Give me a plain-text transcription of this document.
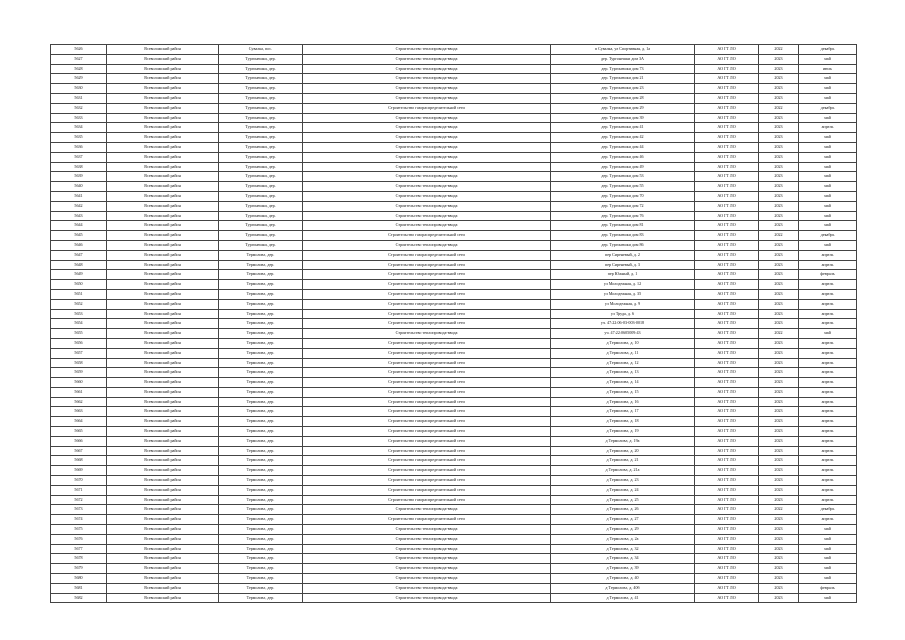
5626	Всеволожский район	Сувалка, пос.	Строительство теплопровода-ввода	п Сувалка, ул Спортивная, д. 1а	АО ГТ ЛО	2022	декабрь
5627	Всеволожский район	Тургонешки, дер.	Строительство теплопровода-ввода	дер. Тургонешки дом 3А	АО ГТ ЛО	2023	май
5628	Всеволожский район	Тургонешки, дер.	Строительство теплопровода-ввода	дер. Тургонешки дом 73	АО ГТ ЛО	2023	июль
5629	Всеволожский район	Тургонешки, дер.	Строительство теплопровода-ввода	дер. Тургонешки дом 21	АО ГТ ЛО	2023	май
5630	Всеволожский район	Тургонешки, дер.	Строительство теплопровода-ввода	дер. Тургонешки дом 23	АО ГТ ЛО	2023	май
5631	Всеволожский район	Тургонешки, дер.	Строительство теплопровода-ввода	дер. Тургонешки дом 28	АО ГТ ЛО	2023	май
5632	Всеволожский район	Тургонешки, дер.	Строительство газораспределительной сети	дер. Тургонешки дом 29	АО ГТ ЛО	2022	декабрь
5633	Всеволожский район	Тургонешки, дер.	Строительство теплопровода-ввода	дер. Тургонешки дом 39	АО ГТ ЛО	2023	май
5634	Всеволожский район	Тургонешки, дер.	Строительство теплопровода-ввода	дер. Тургонешки дом 41	АО ГТ ЛО	2023	апрель
5635	Всеволожский район	Тургонешки, дер.	Строительство теплопровода-ввода	дер. Тургонешки дом 42	АО ГТ ЛО	2023	май
5636	Всеволожский район	Тургонешки, дер.	Строительство теплопровода-ввода	дер. Тургонешки дом 44	АО ГТ ЛО	2023	май
5637	Всеволожский район	Тургонешки, дер.	Строительство теплопровода-ввода	дер. Тургонешки дом 46	АО ГТ ЛО	2023	май
5638	Всеволожский район	Тургонешки, дер.	Строительство теплопровода-ввода	дер. Тургонешки дом 49	АО ГТ ЛО	2023	май
5639	Всеволожский район	Тургонешки, дер.	Строительство теплопровода-ввода	дер. Тургонешки дом 53	АО ГТ ЛО	2023	май
5640	Всеволожский район	Тургонешки, дер.	Строительство теплопровода-ввода	дер. Тургонешки дом 55	АО ГТ ЛО	2023	май
5641	Всеволожский район	Тургонешки, дер.	Строительство теплопровода-ввода	дер. Тургонешки дом 70	АО ГТ ЛО	2023	май
5642	Всеволожский район	Тургонешки, дер.	Строительство теплопровода-ввода	дер. Тургонешки дом 72	АО ГТ ЛО	2023	май
5643	Всеволожский район	Тургонешки, дер.	Строительство теплопровода-ввода	дер. Тургонешки дом 76	АО ГТ ЛО	2023	май
5644	Всеволожский район	Тургонешки, дер.	Строительство теплопровода-ввода	дер. Тургонешки дом 81	АО ГТ ЛО	2023	май
5645	Всеволожский район	Тургонешки, дер.	Строительство газораспределительной сети	дер. Тургонешки дом 83	АО ГТ ЛО	2022	декабрь
5646	Всеволожский район	Тургонешки, дер.	Строительство теплопровода-ввода	дер. Тургонешки дом 86	АО ГТ ЛО	2023	май
5647	Всеволожский район	Термоловл, дер.	Строительство газораспределительной сети	пер Сиреневый, д. 2	АО ГТ ЛО	2023	апрель
5648	Всеволожский район	Термоловл, дер.	Строительство газораспределительной сети	пер Сиреневый, д. 3	АО ГТ ЛО	2023	апрель
5649	Всеволожский район	Термоловл, дер.	Строительство газораспределительной сети	пер Южный, д. 1	АО ГТ ЛО	2023	февраль
5650	Всеволожский район	Термоловл, дер.	Строительство газораспределительной сети	ул Молодежная, д. 12	АО ГТ ЛО	2023	апрель
5651	Всеволожский район	Термоловл, дер.	Строительство газораспределительной сети	ул Молодежная, д. 35	АО ГТ ЛО	2023	апрель
5652	Всеволожский район	Термоловл, дер.	Строительство газораспределительной сети	ул Молодежная, д. 9	АО ГТ ЛО	2023	апрель
5653	Всеволожский район	Термоловл, дер.	Строительство газораспределительной сети	ул Труда, д. 6	АО ГТ ЛО	2023	апрель
5654	Всеволожский район	Термоловл, дер.	Строительство газораспределительной сети	уч. 47:22:06-03-003-0018	АО ГТ ЛО	2023	апрель
5655	Всеволожский район	Термоловл, дер.	Строительство теплопровода-ввода	уч. 47:22:0605009:43	АО ГТ ЛО	2022	май
5656	Всеволожский район	Термоловл, дер.	Строительство газораспределительной сети	д Термоловл, д. 10	АО ГТ ЛО	2023	апрель
5657	Всеволожский район	Термоловл, дер.	Строительство газораспределительной сети	д Термоловл, д. 11	АО ГТ ЛО	2023	апрель
5658	Всеволожский район	Термоловл, дер.	Строительство газораспределительной сети	д Термоловл, д. 12	АО ГТ ЛО	2023	апрель
5659	Всеволожский район	Термоловл, дер.	Строительство газораспределительной сети	д Термоловл, д. 13	АО ГТ ЛО	2023	апрель
5660	Всеволожский район	Термоловл, дер.	Строительство газораспределительной сети	д Термоловл, д. 14	АО ГТ ЛО	2023	апрель
5661	Всеволожский район	Термоловл, дер.	Строительство газораспределительной сети	д Термоловл, д. 15	АО ГТ ЛО	2023	апрель
5662	Всеволожский район	Термоловл, дер.	Строительство газораспределительной сети	д Термоловл, д. 16	АО ГТ ЛО	2023	апрель
5663	Всеволожский район	Термоловл, дер.	Строительство газораспределительной сети	д Термоловл, д. 17	АО ГТ ЛО	2023	апрель
5664	Всеволожский район	Термоловл, дер.	Строительство газораспределительной сети	д Термоловл, д. 18	АО ГТ ЛО	2023	апрель
5665	Всеволожский район	Термоловл, дер.	Строительство газораспределительной сети	д Термоловл, д. 19	АО ГТ ЛО	2023	апрель
5666	Всеволожский район	Термоловл, дер.	Строительство газораспределительной сети	д Термоловл, д. 19а	АО ГТ ЛО	2023	апрель
5667	Всеволожский район	Термоловл, дер.	Строительство газораспределительной сети	д Термоловл, д. 20	АО ГТ ЛО	2023	апрель
5668	Всеволожский район	Термоловл, дер.	Строительство газораспределительной сети	д Термоловл, д. 21	АО ГТ ЛО	2023	апрель
5669	Всеволожский район	Термоловл, дер.	Строительство газораспределительной сети	д Термоловл, д. 21а	АО ГТ ЛО	2023	апрель
5670	Всеволожский район	Термоловл, дер.	Строительство газораспределительной сети	д Термоловл, д. 23	АО ГТ ЛО	2023	апрель
5671	Всеволожский район	Термоловл, дер.	Строительство газораспределительной сети	д Термоловл, д. 24	АО ГТ ЛО	2023	апрель
5672	Всеволожский район	Термоловл, дер.	Строительство газораспределительной сети	д Термоловл, д. 25	АО ГТ ЛО	2023	апрель
5673	Всеволожский район	Термоловл, дер.	Строительство теплопровода-ввода	д Термоловл, д. 26	АО ГТ ЛО	2022	декабрь
5674	Всеволожский район	Термоловл, дер.	Строительство газораспределительной сети	д Термоловл, д. 27	АО ГТ ЛО	2023	апрель
5675	Всеволожский район	Термоловл, дер.	Строительство теплопровода-ввода	д Термоловл, д. 29	АО ГТ ЛО	2023	май
5676	Всеволожский район	Термоловл, дер.	Строительство теплопровода-ввода	д Термоловл, д. 2а	АО ГТ ЛО	2023	май
5677	Всеволожский район	Термоловл, дер.	Строительство теплопровода-ввода	д Термоловл, д. 32	АО ГТ ЛО	2023	май
5678	Всеволожский район	Термоловл, дер.	Строительство теплопровода-ввода	д Термоловл, д. 34	АО ГТ ЛО	2023	май
5679	Всеволожский район	Термоловл, дер.	Строительство теплопровода-ввода	д Термоловл, д. 39	АО ГТ ЛО	2023	май
5680	Всеволожский район	Термоловл, дер.	Строительство теплопровода-ввода	д Термоловл, д. 40	АО ГТ ЛО	2023	май
5681	Всеволожский район	Термоловл, дер.	Строительство теплопровода-ввода	д Термоловл, д. 40б	АО ГТ ЛО	2023	февраль
5682	Всеволожский район	Термоловл, дер.	Строительство теплопровода-ввода	д Термоловл, д. 41	АО ГТ ЛО	2023	май
